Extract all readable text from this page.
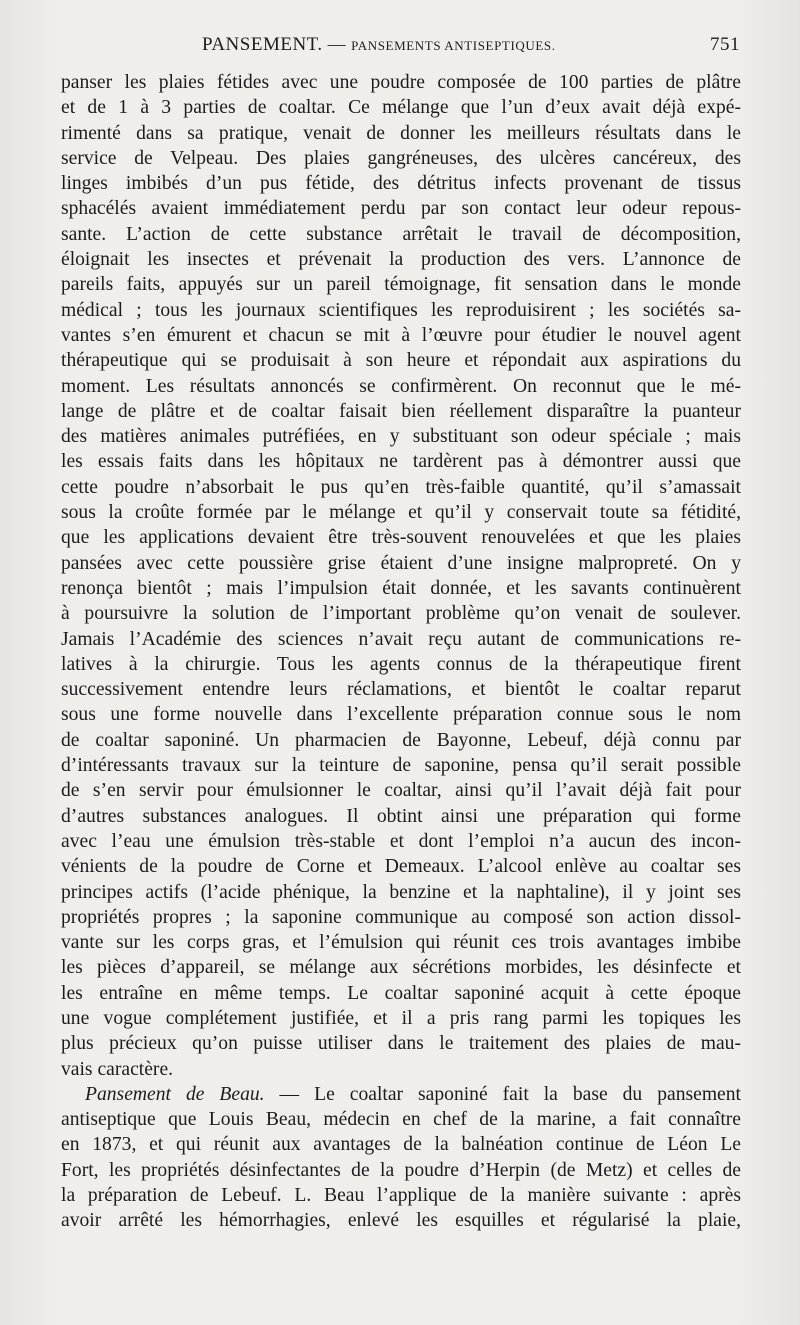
PANSEMENT. — PANSEMENTS ANTISEPTIQUES.	751
panser les plaies fétides avec une poudre composée de 100 parties de plâtre
et de 1 à 3 parties de coaltar. Ce mélange que l’un d’eux avait déjà expé-
rimenté dans sa pratique, venait de donner les meilleurs résultats dans le
service de Velpeau. Des plaies gangréneuses, des ulcères cancéreux, des
linges imbibés d’un pus fétide, des détritus infects provenant de tissus
sphacélés avaient immédiatement perdu par son contact leur odeur repous-
sante. L’action de cette substance arrêtait le travail de décomposition,
éloignait les insectes et prévenait la production des vers. L’annonce de
pareils faits, appuyés sur un pareil témoignage, fit sensation dans le monde
médical ; tous les journaux scientifiques les reproduisirent ; les sociétés sa-
vantes s’en émurent et chacun se mit à l’œuvre pour étudier le nouvel agent
thérapeutique qui se produisait à son heure et répondait aux aspirations du
moment. Les résultats annoncés se confirmèrent. On reconnut que le mé-
lange de plâtre et de coaltar faisait bien réellement disparaître la puanteur
des matières animales putréfiées, en y substituant son odeur spéciale ; mais
les essais faits dans les hôpitaux ne tardèrent pas à démontrer aussi que
cette poudre n’absorbait le pus qu’en très-faible quantité, qu’il s’amassait
sous la croûte formée par le mélange et qu’il y conservait toute sa fétidité,
que les applications devaient être très-souvent renouvelées et que les plaies
pansées avec cette poussière grise étaient d’une insigne malpropreté. On y
renonça bientôt ; mais l’impulsion était donnée, et les savants continuèrent
à poursuivre la solution de l’important problème qu’on venait de soulever.
Jamais l’Académie des sciences n’avait reçu autant de communications re-
latives à la chirurgie. Tous les agents connus de la thérapeutique firent
successivement entendre leurs réclamations, et bientôt le coaltar reparut
sous une forme nouvelle dans l’excellente préparation connue sous le nom
de coaltar saponiné. Un pharmacien de Bayonne, Lebeuf, déjà connu par
d’intéressants travaux sur la teinture de saponine, pensa qu’il serait possible
de s’en servir pour émulsionner le coaltar, ainsi qu’il l’avait déjà fait pour
d’autres substances analogues. Il obtint ainsi une préparation qui forme
avec l’eau une émulsion très-stable et dont l’emploi n’a aucun des incon-
vénients de la poudre de Corne et Demeaux. L’alcool enlève au coaltar ses
principes actifs (l’acide phénique, la benzine et la naphtaline), il y joint ses
propriétés propres ; la saponine communique au composé son action dissol-
vante sur les corps gras, et l’émulsion qui réunit ces trois avantages imbibe
les pièces d’appareil, se mélange aux sécrétions morbides, les désinfecte et
les entraîne en même temps. Le coaltar saponiné acquit à cette époque
une vogue complétement justifiée, et il a pris rang parmi les topiques les
plus précieux qu’on puisse utiliser dans le traitement des plaies de mau-
vais caractère.
Pansement de Beau. — Le coaltar saponiné fait la base du pansement
antiseptique que Louis Beau, médecin en chef de la marine, a fait connaître
en 1873, et qui réunit aux avantages de la balnéation continue de Léon Le
Fort, les propriétés désinfectantes de la poudre d’Herpin (de Metz) et celles de
la préparation de Lebeuf. L. Beau l’applique de la manière suivante : après
avoir arrêté les hémorrhagies, enlevé les esquilles et régularisé la plaie,
